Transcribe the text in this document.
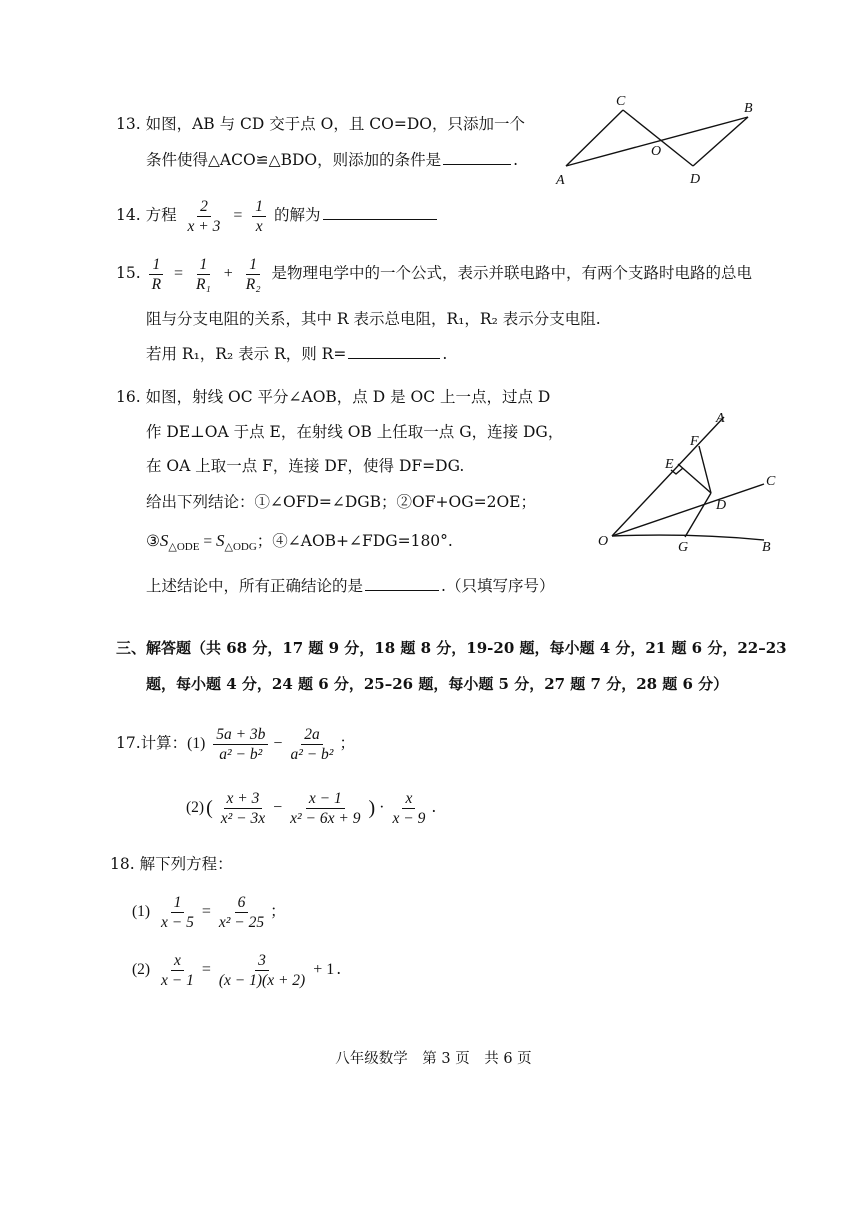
13. 如图，AB 与 CD 交于点 O，且 CO=DO，只添加一个
条件使得△ACO≌△BDO，则添加的条件是	.
A
B
C
D
O
14. 方程 $\frac{2}{x + 3} = \frac{1}{x}$ 的解为
15. $\frac{1}{R} = \frac{1}{\text{R₁}} + \frac{1}{\text{R₂}}$ 是物理电学中的一个公式，表示并联电路中，有两个支路时电路的总电
阻与分支电阻的关系，其中 R 表示总电阻，R₁，R₂ 表示分支电阻.
若用 R₁，R₂ 表示 R，则 R=	.
16. 如图，射线 OC 平分∠AOB，点 D 是 OC 上一点，过点 D
作 DE⊥OA 于点 E，在射线 OB 上任取一点 G，连接 DG，
在 OA 上取一点 F，连接 DF，使得 DF=DG.
给出下列结论：①∠OFD=∠DGB；②OF+OG=2OE；
$③S_{\triangle ODE} = S_{\triangle ODG}$；④∠AOB+∠FDG=180°.
上述结论中，所有正确结论的是	.（只填写序号）
A
B
C
D
E
F
G
O
三、解答题（共 68 分，17 题 9 分，18 题 8 分，19-20 题，每小题 4 分，21 题 6 分，22–23
题，每小题 4 分，24 题 6 分，25–26 题，每小题 5 分，27 题 7 分，28 题 6 分）
17.计算：$(1) \frac{5a + 3b}{\text{a² − b²}} - \frac{2a}{\text{a² − b²}}$ ；
(2) ( $\frac{x + 3}{\text{x² − 3x}} - \frac{x - 1}{\text{x² − 6x + 9}}$ ) · $\frac{x}{x - 9}$ .
18. 解下列方程：
$(1) \frac{1}{x - 5} = \frac{6}{\text{x² − 25}}$ ；
$(2) \frac{x}{x - 1} = \frac{3}{(x - 1)(x + 2)} + 1$ .
八年级数学　第 3 页　共 6 页
